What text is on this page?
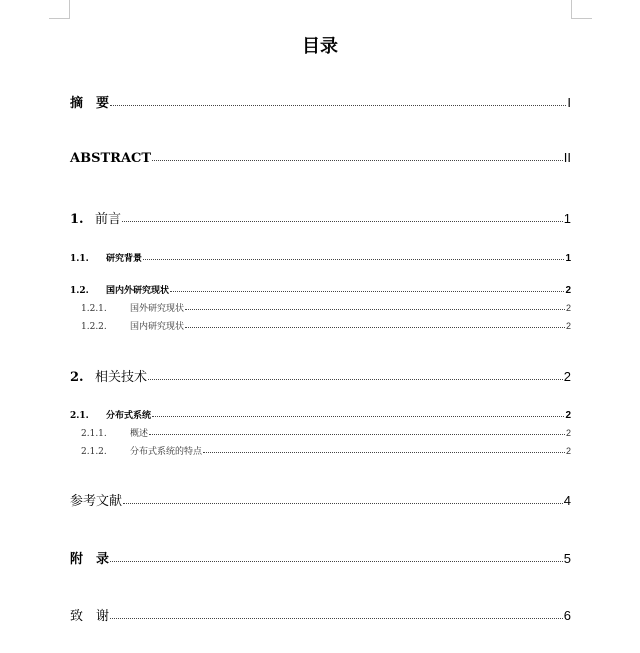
目录
摘　要	I
ABSTRACT	II
1. 前言	1
1.1. 研究背景	1
1.2. 国内外研究现状	2
1.2.1.	国外研究现状	2
1.2.2.	国内研究现状	2
2. 相关技术	2
2.1. 分布式系统	2
2.1.1.	概述	2
2.1.2.	分布式系统的特点	2
参考文献	4
附　录	5
致　谢	6
